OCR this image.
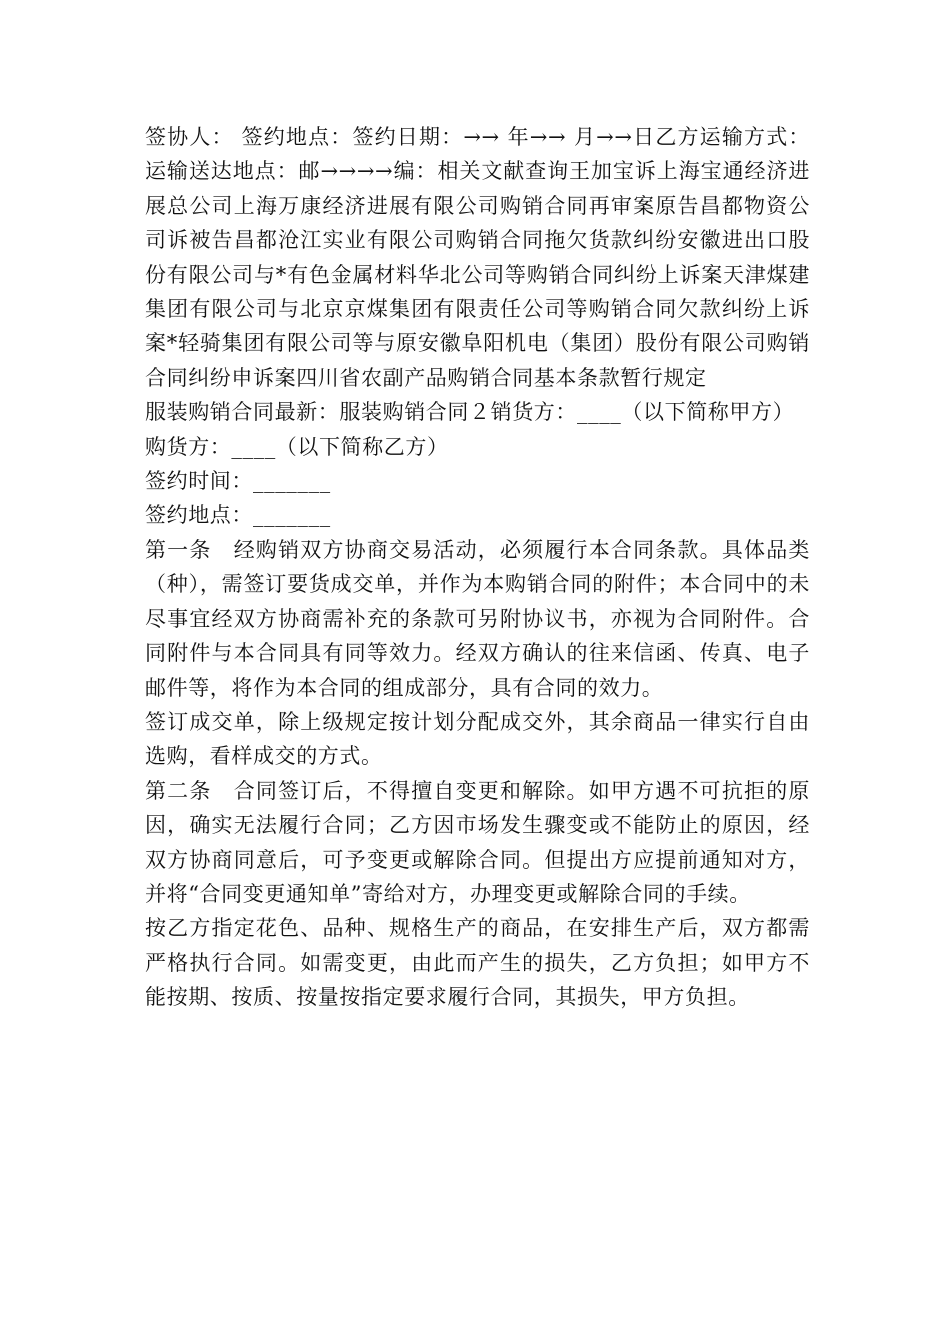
签协人： 签约地点：签约日期：→→ 年→→ 月→→日乙方运输方式：运输送达地点：邮→→→→编：相关文献查询王加宝诉上海宝通经济进展总公司上海万康经济进展有限公司购销合同再审案原告昌都物资公司诉被告昌都沧江实业有限公司购销合同拖欠货款纠纷安徽进出口股份有限公司与*有色金属材料华北公司等购销合同纠纷上诉案天津煤建集团有限公司与北京京煤集团有限责任公司等购销合同欠款纠纷上诉案*轻骑集团有限公司等与原安徽阜阳机电（集团）股份有限公司购销合同纠纷申诉案四川省农副产品购销合同基本条款暂行规定

服装购销合同最新：服装购销合同２销货方：____（以下简称甲方）

购货方：____（以下简称乙方）

签约时间：_______

签约地点：_______

第一条　经购销双方协商交易活动，必须履行本合同条款。具体品类（种），需签订要货成交单，并作为本购销合同的附件；本合同中的未尽事宜经双方协商需补充的条款可另附协议书，亦视为合同附件。合同附件与本合同具有同等效力。经双方确认的往来信函、传真、电子邮件等，将作为本合同的组成部分，具有合同的效力。

签订成交单，除上级规定按计划分配成交外，其余商品一律实行自由选购，看样成交的方式。

第二条　合同签订后，不得擅自变更和解除。如甲方遇不可抗拒的原因，确实无法履行合同；乙方因市场发生骤变或不能防止的原因，经双方协商同意后，可予变更或解除合同。但提出方应提前通知对方，并将“合同变更通知单”寄给对方，办理变更或解除合同的手续。

按乙方指定花色、品种、规格生产的商品，在安排生产后，双方都需严格执行合同。如需变更，由此而产生的损失，乙方负担；如甲方不能按期、按质、按量按指定要求履行合同，其损失，甲方负担。
